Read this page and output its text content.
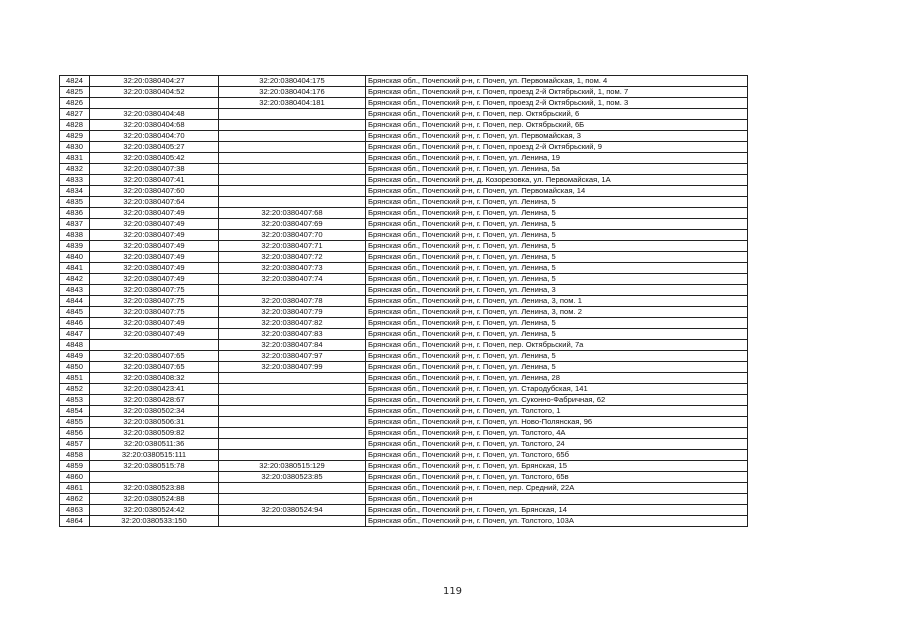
4824	32:20:0380404:27	32:20:0380404:175	Брянская обл., Почепский р-н, г. Почеп, ул. Первомайская, 1, пом. 4
4825	32:20:0380404:52	32:20:0380404:176	Брянская обл., Почепский р-н, г. Почеп, проезд 2-й Октябрьский, 1, пом. 7
4826		32:20:0380404:181	Брянская обл., Почепский р-н, г. Почеп, проезд 2-й Октябрьский, 1, пом. 3
4827	32:20:0380404:48		Брянская обл., Почепский р-н, г. Почеп, пер. Октябрьский, 6
4828	32:20:0380404:68		Брянская обл., Почепский р-н, г. Почеп, пер. Октябрьский, 6Б
4829	32:20:0380404:70		Брянская обл., Почепский р-н, г. Почеп, ул. Первомайская, 3
4830	32:20:0380405:27		Брянская обл., Почепский р-н, г. Почеп, проезд 2-й Октябрьский, 9
4831	32:20:0380405:42		Брянская обл., Почепский р-н, г. Почеп, ул. Ленина, 19
4832	32:20:0380407:38		Брянская обл., Почепский р-н, г. Почеп, ул. Ленина, 5а
4833	32:20:0380407:41		Брянская обл., Почепский р-н, д. Козорезовка, ул. Первомайская, 1А
4834	32:20:0380407:60		Брянская обл., Почепский р-н, г. Почеп, ул. Первомайская, 14
4835	32:20:0380407:64		Брянская обл., Почепский р-н, г. Почеп, ул. Ленина, 5
4836	32:20:0380407:49	32:20:0380407:68	Брянская обл., Почепский р-н, г. Почеп, ул. Ленина, 5
4837	32:20:0380407:49	32:20:0380407:69	Брянская обл., Почепский р-н, г. Почеп, ул. Ленина, 5
4838	32:20:0380407:49	32:20:0380407:70	Брянская обл., Почепский р-н, г. Почеп, ул. Ленина, 5
4839	32:20:0380407:49	32:20:0380407:71	Брянская обл., Почепский р-н, г. Почеп, ул. Ленина, 5
4840	32:20:0380407:49	32:20:0380407:72	Брянская обл., Почепский р-н, г. Почеп, ул. Ленина, 5
4841	32:20:0380407:49	32:20:0380407:73	Брянская обл., Почепский р-н, г. Почеп, ул. Ленина, 5
4842	32:20:0380407:49	32:20:0380407:74	Брянская обл., Почепский р-н, г. Почеп, ул. Ленина, 5
4843	32:20:0380407:75		Брянская обл., Почепский р-н, г. Почеп, ул. Ленина, 3
4844	32:20:0380407:75	32:20:0380407:78	Брянская обл., Почепский р-н, г. Почеп, ул. Ленина, 3, пом. 1
4845	32:20:0380407:75	32:20:0380407:79	Брянская обл., Почепский р-н, г. Почеп, ул. Ленина, 3, пом. 2
4846	32:20:0380407:49	32:20:0380407:82	Брянская обл., Почепский р-н, г. Почеп, ул. Ленина, 5
4847	32:20:0380407:49	32:20:0380407:83	Брянская обл., Почепский р-н, г. Почеп, ул. Ленина, 5
4848		32:20:0380407:84	Брянская обл., Почепский р-н, г. Почеп, пер. Октябрьский, 7а
4849	32:20:0380407:65	32:20:0380407:97	Брянская обл., Почепский р-н, г. Почеп, ул. Ленина, 5
4850	32:20:0380407:65	32:20:0380407:99	Брянская обл., Почепский р-н, г. Почеп, ул. Ленина, 5
4851	32:20:0380408:32		Брянская обл., Почепский р-н, г. Почеп, ул. Ленина, 28
4852	32:20:0380423:41		Брянская обл., Почепский р-н, г. Почеп, ул. Стародубская, 141
4853	32:20:0380428:67		Брянская обл., Почепский р-н, г. Почеп, ул. Суконно-Фабричная, 62
4854	32:20:0380502:34		Брянская обл., Почепский р-н, г. Почеп, ул. Толстого, 1
4855	32:20:0380506:31		Брянская обл., Почепский р-н, г. Почеп, ул. Ново-Полянская, 96
4856	32:20:0380509:82		Брянская обл., Почепский р-н, г. Почеп, ул. Толстого, 4А
4857	32:20:0380511:36		Брянская обл., Почепский р-н, г. Почеп, ул. Толстого, 24
4858	32:20:0380515:111		Брянская обл., Почепский р-н, г. Почеп, ул. Толстого, 65б
4859	32:20:0380515:78	32:20:0380515:129	Брянская обл., Почепский р-н, г. Почеп, ул. Брянская, 15
4860		32:20:0380523:85	Брянская обл., Почепский р-н, г. Почеп, ул. Толстого, 65в
4861	32:20:0380523:88		Брянская обл., Почепский р-н, г. Почеп, пер. Средний, 22А
4862	32:20:0380524:88		Брянская обл., Почепский р-н
4863	32:20:0380524:42	32:20:0380524:94	Брянская обл., Почепский р-н, г. Почеп, ул. Брянская, 14
4864	32:20:0380533:150		Брянская обл., Почепский р-н, г. Почеп, ул. Толстого, 103А
119
